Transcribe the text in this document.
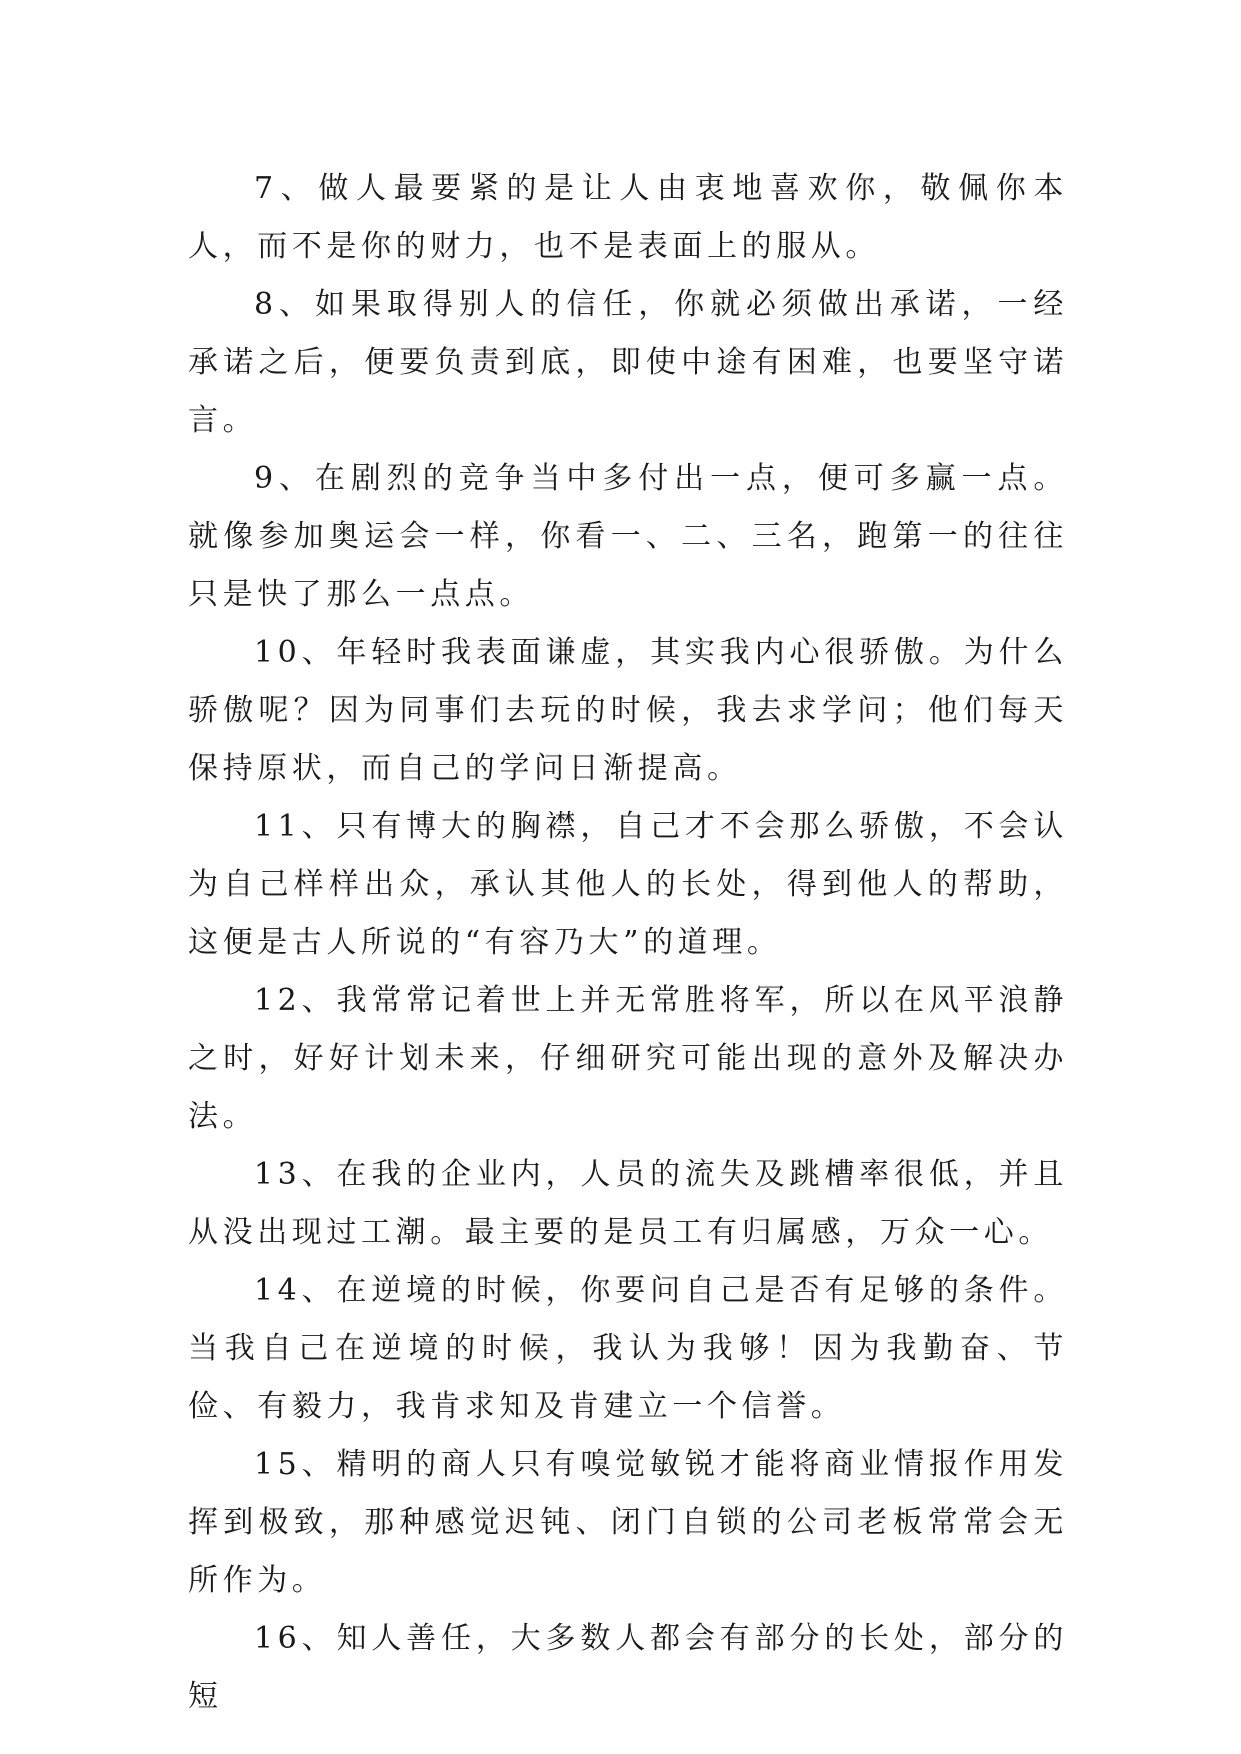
7、做人最要紧的是让人由衷地喜欢你，敬佩你本人，而不是你的财力，也不是表面上的服从。

8、如果取得别人的信任，你就必须做出承诺，一经承诺之后，便要负责到底，即使中途有困难，也要坚守诺言。

9、在剧烈的竞争当中多付出一点，便可多赢一点。就像参加奥运会一样，你看一、二、三名，跑第一的往往只是快了那么一点点。

10、年轻时我表面谦虚，其实我内心很骄傲。为什么骄傲呢？因为同事们去玩的时候，我去求学问；他们每天保持原状，而自己的学问日渐提高。

11、只有博大的胸襟，自己才不会那么骄傲，不会认为自己样样出众，承认其他人的长处，得到他人的帮助，这便是古人所说的“有容乃大”的道理。

12、我常常记着世上并无常胜将军，所以在风平浪静之时，好好计划未来，仔细研究可能出现的意外及解决办法。

13、在我的企业内，人员的流失及跳槽率很低，并且从没出现过工潮。最主要的是员工有归属感，万众一心。

14、在逆境的时候，你要问自己是否有足够的条件。当我自己在逆境的时候，我认为我够！因为我勤奋、节俭、有毅力，我肯求知及肯建立一个信誉。

15、精明的商人只有嗅觉敏锐才能将商业情报作用发挥到极致，那种感觉迟钝、闭门自锁的公司老板常常会无所作为。

16、知人善任，大多数人都会有部分的长处，部分的短
